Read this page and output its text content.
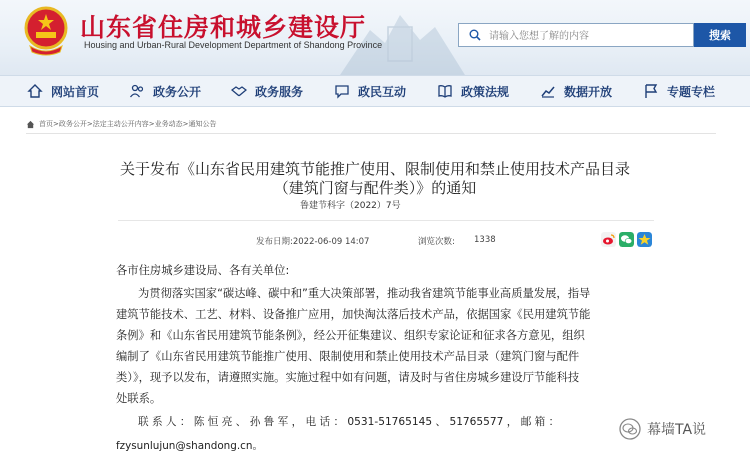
山东省住房和城乡建设厅
Housing and Urban-Rural Development Department of Shandong Province
请输入您想了解的内容
搜索
网站首页	政务公开	政务服务	政民互动	政策法规	数据开放	专题专栏
首页>政务公开>法定主动公开内容>业务动态>通知公告
关于发布《山东省民用建筑节能推广使用、限制使用和禁止使用技术产品目录
（建筑门窗与配件类）》的通知
鲁建节科字（2022）7号
发布日期:2022-06-09 14:07	浏览次数: 1338
各市住房城乡建设局、各有关单位:
为贯彻落实国家“碳达峰、碳中和”重大决策部署，推动我省建筑节能事业高质量发展，指导
建筑节能技术、工艺、材料、设备推广应用，加快淘汰落后技术产品，依据国家《民用建筑节能
条例》和《山东省民用建筑节能条例》，经公开征集建议、组织专家论证和征求各方意见，组织
编制了《山东省民用建筑节能推广使用、限制使用和禁止使用技术产品目录（建筑门窗与配件
类）》，现予以发布，请遵照实施。实施过程中如有问题，请及时与省住房城乡建设厅节能科技
处联系。
联 系 人 ： 陈 恒 亮 、 孙 鲁 军 ， 电 话 ： 0531-51765145 、 51765577 ， 邮 箱 ：
fzysunlujun@shandong.cn。
幕墙TA说
